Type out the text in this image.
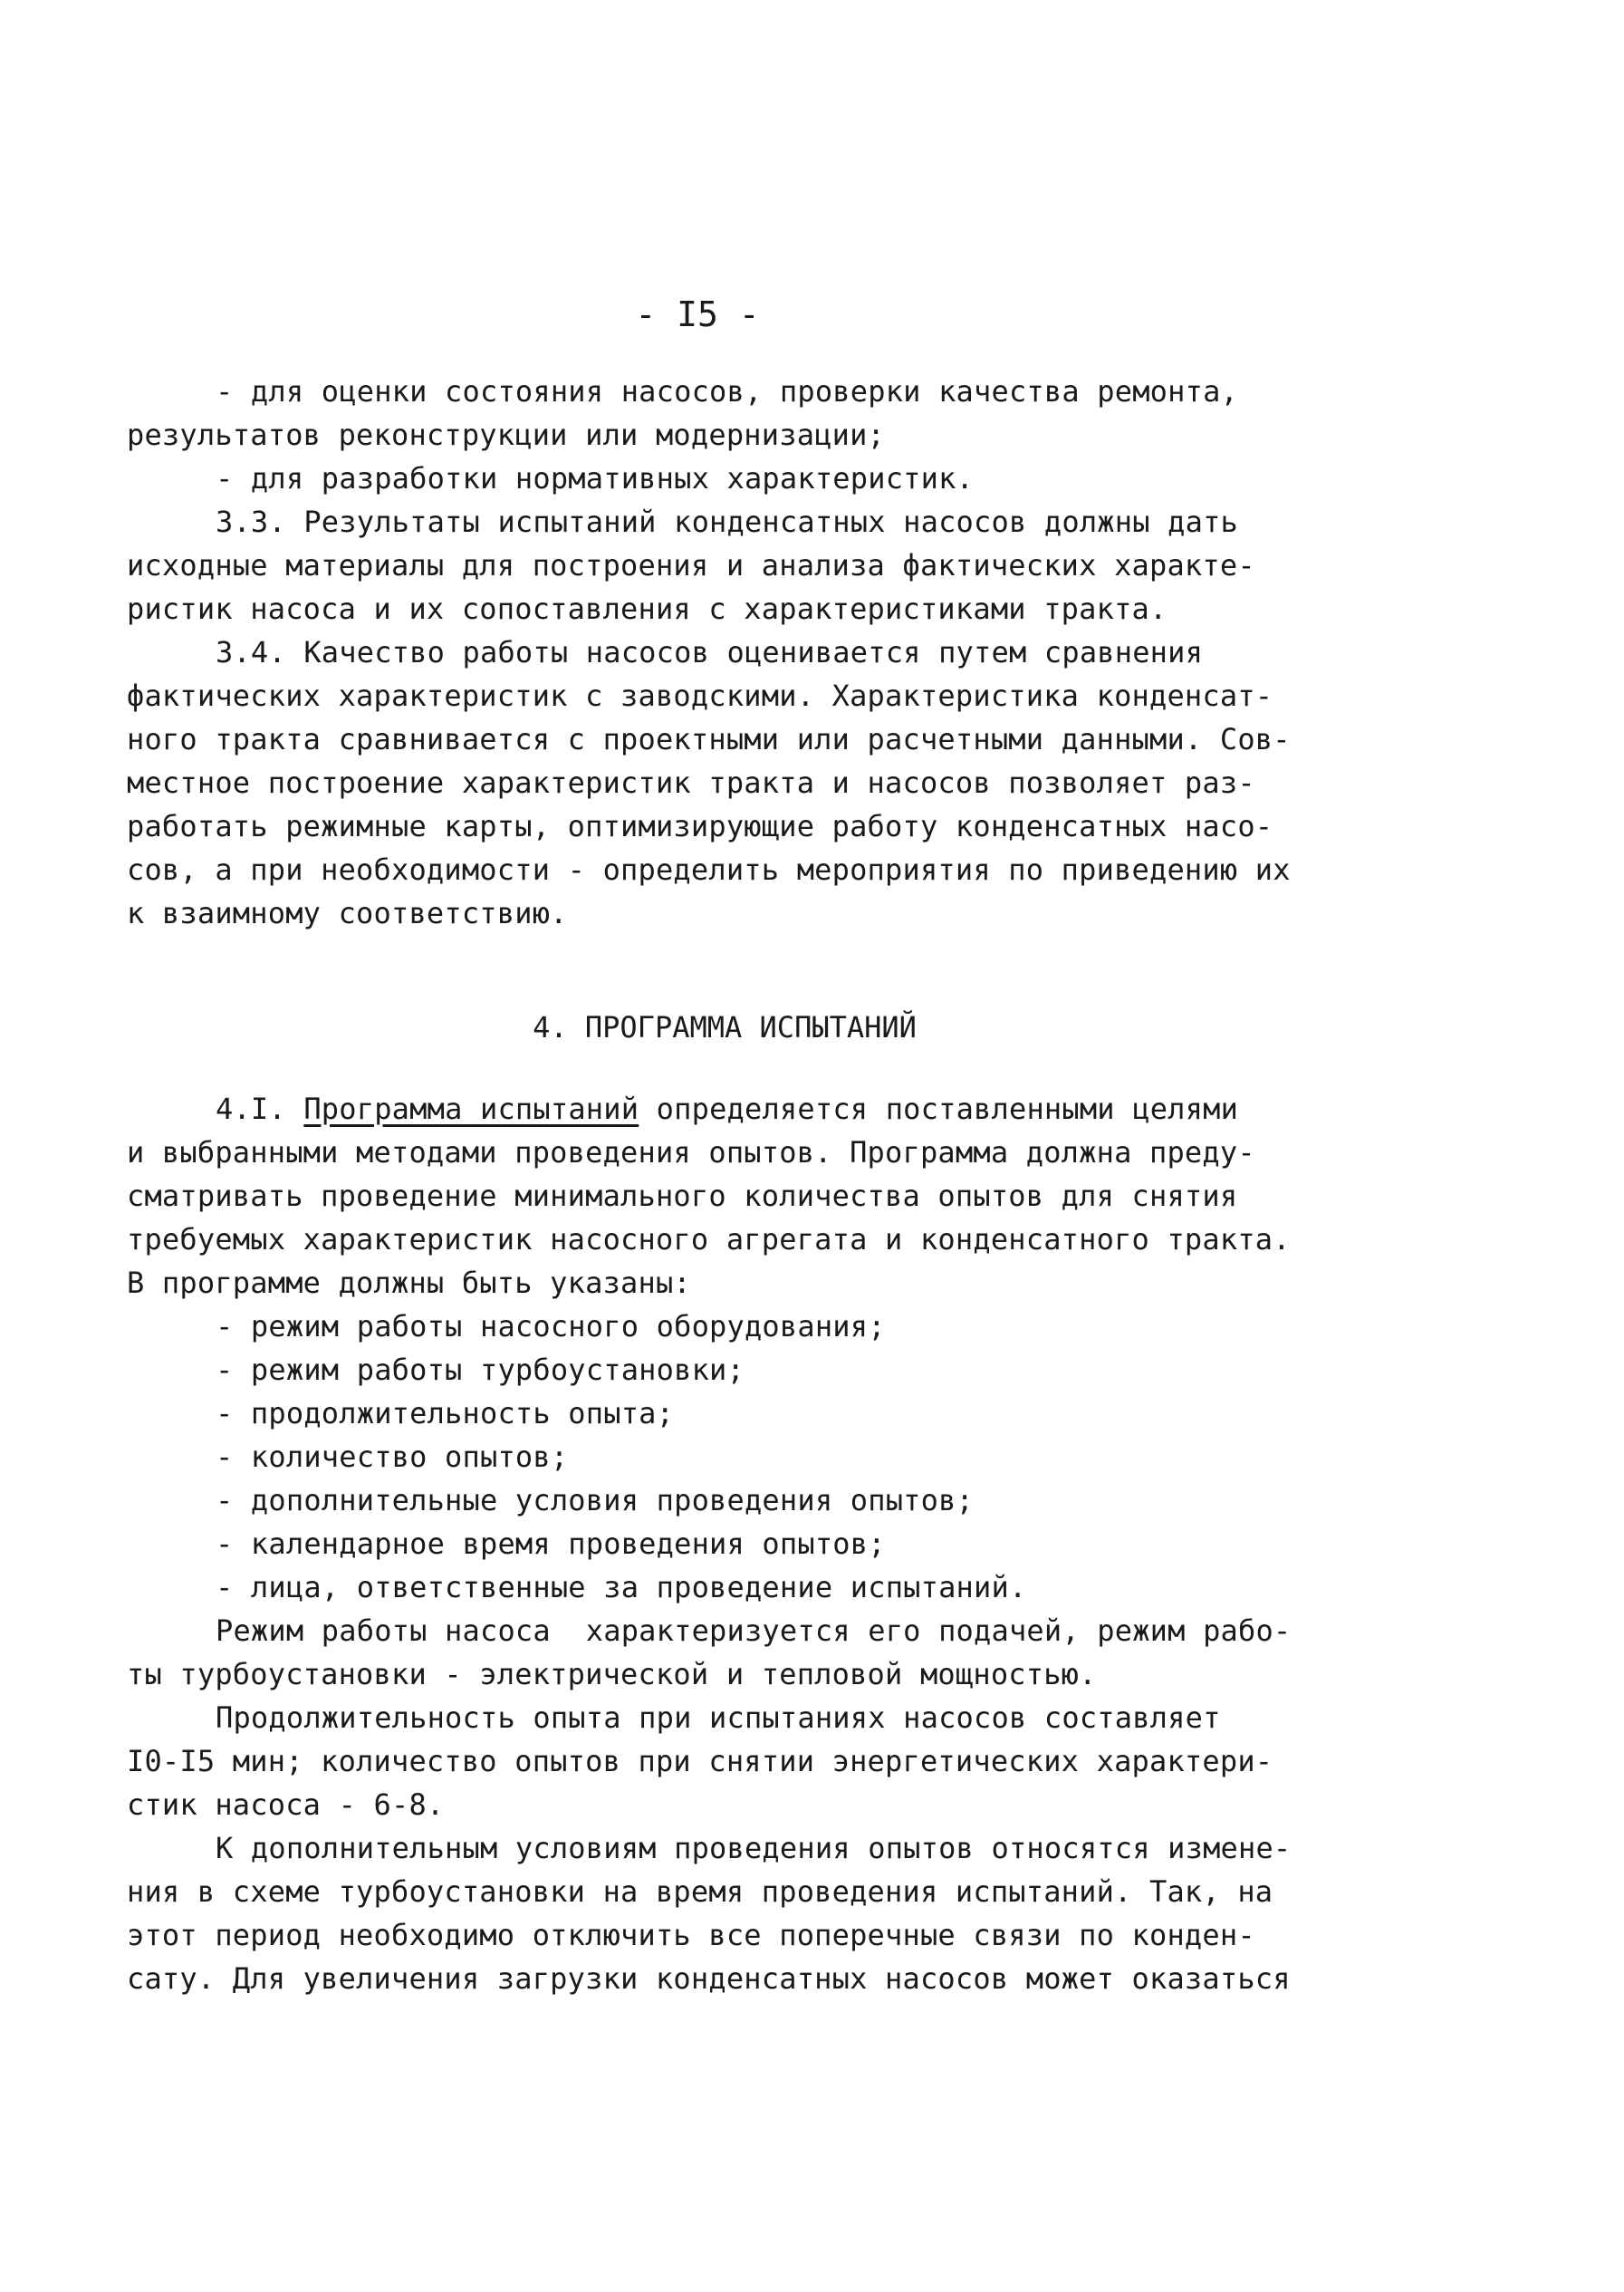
- I5 -
- для оценки состояния насосов, проверки качества ремонта,
результатов реконструкции или модернизации;
- для разработки нормативных характеристик.
3.3. Результаты испытаний конденсатных насосов должны дать
исходные материалы для построения и анализа фактических характе-
ристик насоса и их сопоставления с характеристиками тракта.
3.4. Качество работы насосов оценивается путем сравнения
фактических характеристик с заводскими. Характеристика конденсат-
ного тракта сравнивается с проектными или расчетными данными. Сов-
местное построение характеристик тракта и насосов позволяет раз-
работать режимные карты, оптимизирующие работу конденсатных насо-
сов, а при необходимости - определить мероприятия по приведению их
к взаимному соответствию.
4. ПРОГРАММА ИСПЫТАНИЙ
4.I. Программа испытаний определяется поставленными целями
и выбранными методами проведения опытов. Программа должна преду-
сматривать проведение минимального количества опытов для снятия
требуемых характеристик насосного агрегата и конденсатного тракта.
В программе должны быть указаны:
- режим работы насосного оборудования;
- режим работы турбоустановки;
- продолжительность опыта;
- количество опытов;
- дополнительные условия проведения опытов;
- календарное время проведения опытов;
- лица, ответственные за проведение испытаний.
Режим работы насоса  характеризуется его подачей, режим рабо-
ты турбоустановки - электрической и тепловой мощностью.
Продолжительность опыта при испытаниях насосов составляет
I0-I5 мин; количество опытов при снятии энергетических характери-
стик насоса - 6-8.
К дополнительным условиям проведения опытов относятся измене-
ния в схеме турбоустановки на время проведения испытаний. Так, на
этот период необходимо отключить все поперечные связи по конден-
сату. Для увеличения загрузки конденсатных насосов может оказаться
